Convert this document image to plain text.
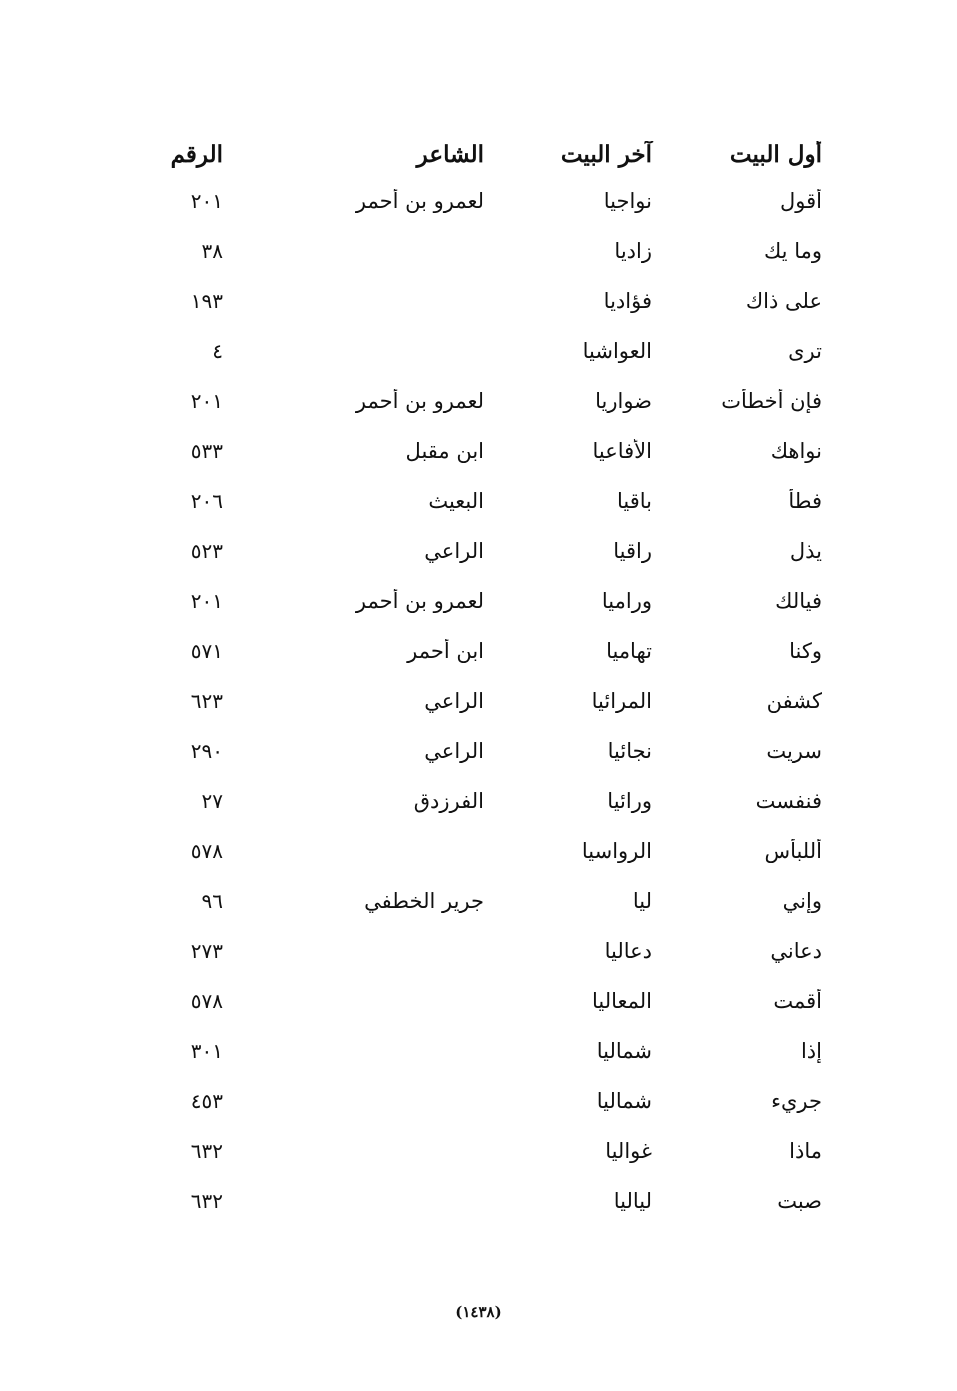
أول البيت
آخر البيت
الشاعر
الرقم
أقول
نواجيا
لعمرو بن أحمر
٢٠١
وما يك
زاديا
٣٨
على ذاك
فؤاديا
١٩٣
ترى
العواشيا
٤
فإن أخطأت
ضواريا
لعمرو بن أحمر
٢٠١
نواهك
الأفاعيا
ابن مقبل
٥٣٣
فطأ
باقيا
البعيث
٢٠٦
يذل
راقيا
الراعي
٥٢٣
فيالك
وراميا
لعمرو بن أحمر
٢٠١
وكنا
تهاميا
ابن أحمر
٥٧١
كشفن
المرائيا
الراعي
٦٢٣
سريت
نجائيا
الراعي
٢٩٠
فنفست
ورائيا
الفرزدق
٢٧
أللبأس
الرواسيا
٥٧٨
وإني
ليا
جرير الخطفي
٩٦
دعاني
دعاليا
٢٧٣
أقمت
المعاليا
٥٧٨
إذا
شماليا
٣٠١
جريء
شماليا
٤٥٣
ماذا
غواليا
٦٣٢
صبت
لياليا
٦٣٢
(١٤٣٨)
